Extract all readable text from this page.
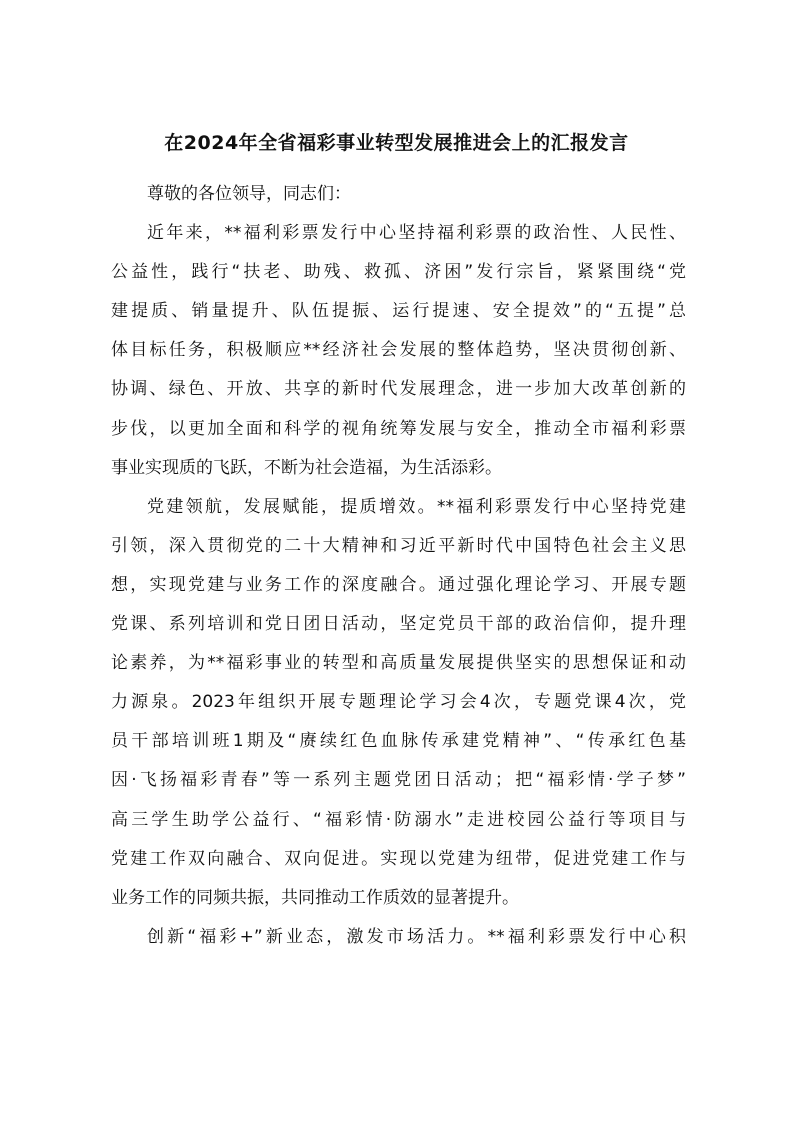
在2024年全省福彩事业转型发展推进会上的汇报发言
尊敬的各位领导，同志们：
近年来，**福利彩票发行中心坚持福利彩票的政治性、人民性、
公益性，践行“扶老、助残、救孤、济困”发行宗旨，紧紧围绕“党
建提质、销量提升、队伍提振、运行提速、安全提效”的“五提”总
体目标任务，积极顺应**经济社会发展的整体趋势，坚决贯彻创新、
协调、绿色、开放、共享的新时代发展理念，进一步加大改革创新的
步伐，以更加全面和科学的视角统筹发展与安全，推动全市福利彩票
事业实现质的飞跃，不断为社会造福，为生活添彩。
党建领航，发展赋能，提质增效。**福利彩票发行中心坚持党建
引领，深入贯彻党的二十大精神和习近平新时代中国特色社会主义思
想，实现党建与业务工作的深度融合。通过强化理论学习、开展专题
党课、系列培训和党日团日活动，坚定党员干部的政治信仰，提升理
论素养，为**福彩事业的转型和高质量发展提供坚实的思想保证和动
力源泉。2023年组织开展专题理论学习会4次，专题党课4次，党
员干部培训班1期及“赓续红色血脉传承建党精神”、“传承红色基
因·飞扬福彩青春”等一系列主题党团日活动；把“福彩情·学子梦”
高三学生助学公益行、“福彩情·防溺水”走进校园公益行等项目与
党建工作双向融合、双向促进。实现以党建为纽带，促进党建工作与
业务工作的同频共振，共同推动工作质效的显著提升。
创新“福彩+”新业态，激发市场活力。**福利彩票发行中心积
